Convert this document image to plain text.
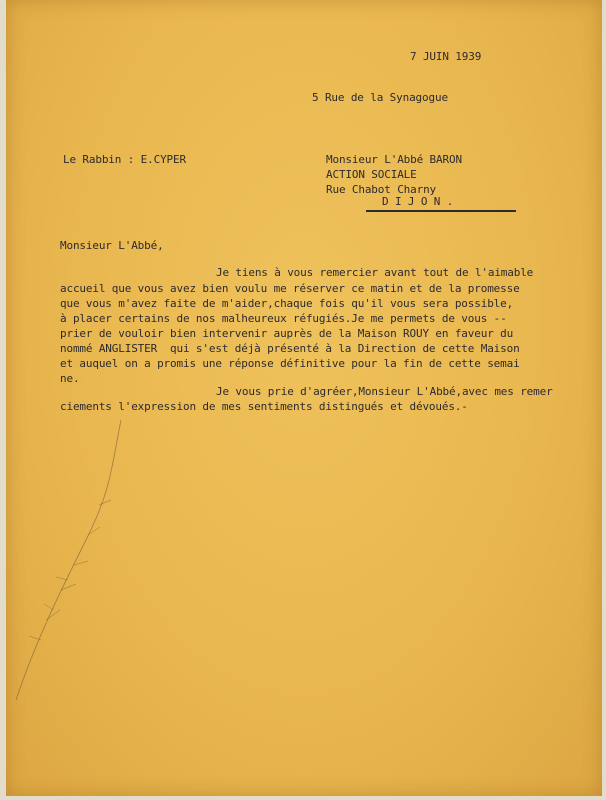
7 JUIN 1939
5 Rue de la Synagogue
Le Rabbin : E.CYPER	Monsieur L'Abbé BARON
ACTION SOCIALE
Rue Chabot Charny
D I J O N .
Monsieur L'Abbé,
Je tiens à vous remercier avant tout de l'aimable
accueil que vous avez bien voulu me réserver ce matin et de la promesse
que vous m'avez faite de m'aider,chaque fois qu'il vous sera possible,
à placer certains de nos malheureux réfugiés.Je me permets de vous --
prier de vouloir bien intervenir auprès de la Maison ROUY en faveur du
nommé ANGLISTER  qui s'est déjà présenté à la Direction de cette Maison
et auquel on a promis une réponse définitive pour la fin de cette semai
ne.
Je vous prie d'agréer,Monsieur L'Abbé,avec mes remer
ciements l'expression de mes sentiments distingués et dévoués.-
